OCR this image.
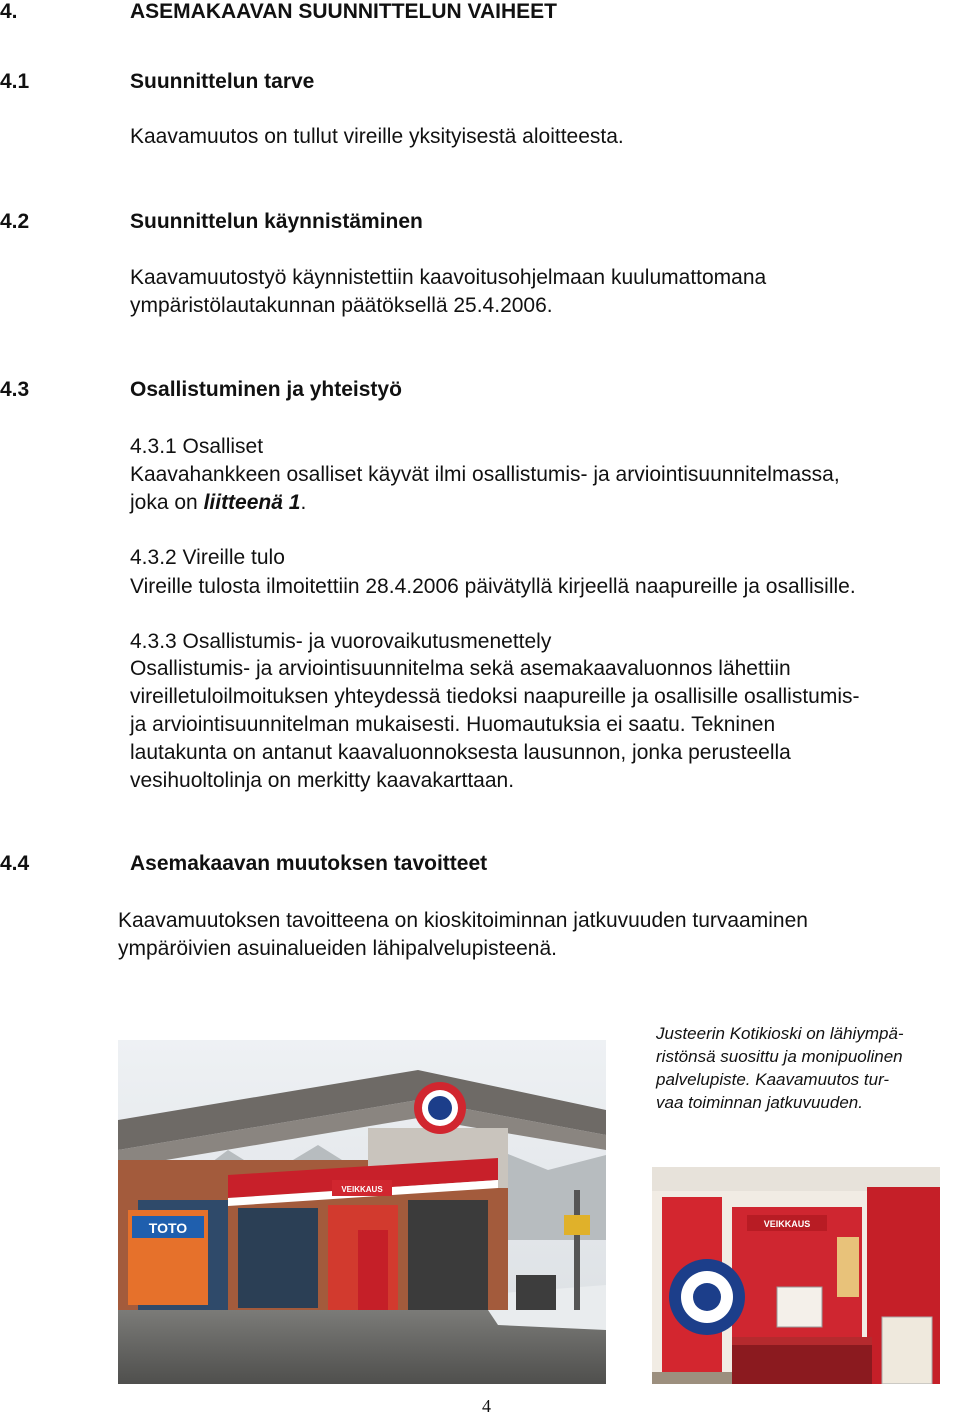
4.	ASEMAKAAVAN SUUNNITTELUN VAIHEET
4.1	Suunnittelun tarve
Kaavamuutos on tullut vireille yksityisestä aloitteesta.
4.2	Suunnittelun käynnistäminen
Kaavamuutostyö käynnistettiin kaavoitusohjelmaan kuulumattomana
ympäristölautakunnan päätöksellä 25.4.2006.
4.3	Osallistuminen ja yhteistyö
4.3.1 Osalliset
Kaavahankkeen osalliset käyvät ilmi osallistumis- ja arviointisuunnitelmassa,
joka on liitteenä 1.
4.3.2 Vireille tulo
Vireille tulosta ilmoitettiin 28.4.2006 päivätyllä kirjeellä naapureille ja osallisille.
4.3.3 Osallistumis- ja vuorovaikutusmenettely
Osallistumis- ja arviointisuunnitelma sekä asemakaavaluonnos lähettiin
vireilletuloilmoituksen yhteydessä tiedoksi naapureille ja osallisille osallistumis-
ja arviointisuunnitelman mukaisesti. Huomautuksia ei saatu. Tekninen
lautakunta on antanut kaavaluonnoksesta lausunnon, jonka perusteella
vesihuoltolinja on merkitty kaavakarttaan.
4.4	Asemakaavan muutoksen tavoitteet
Kaavamuutoksen tavoitteena on kioskitoiminnan jatkuvuuden turvaaminen
ympäröivien asuinalueiden lähipalvelupisteenä.
Justeerin Kotikioski on lähiympä-
ristönsä suosittu ja monipuolinen
palvelupiste. Kaavamuutos tur-
vaa toiminnan jatkuvuuden.
TOTO
VEIKKAUS
VEIKKAUS
4
